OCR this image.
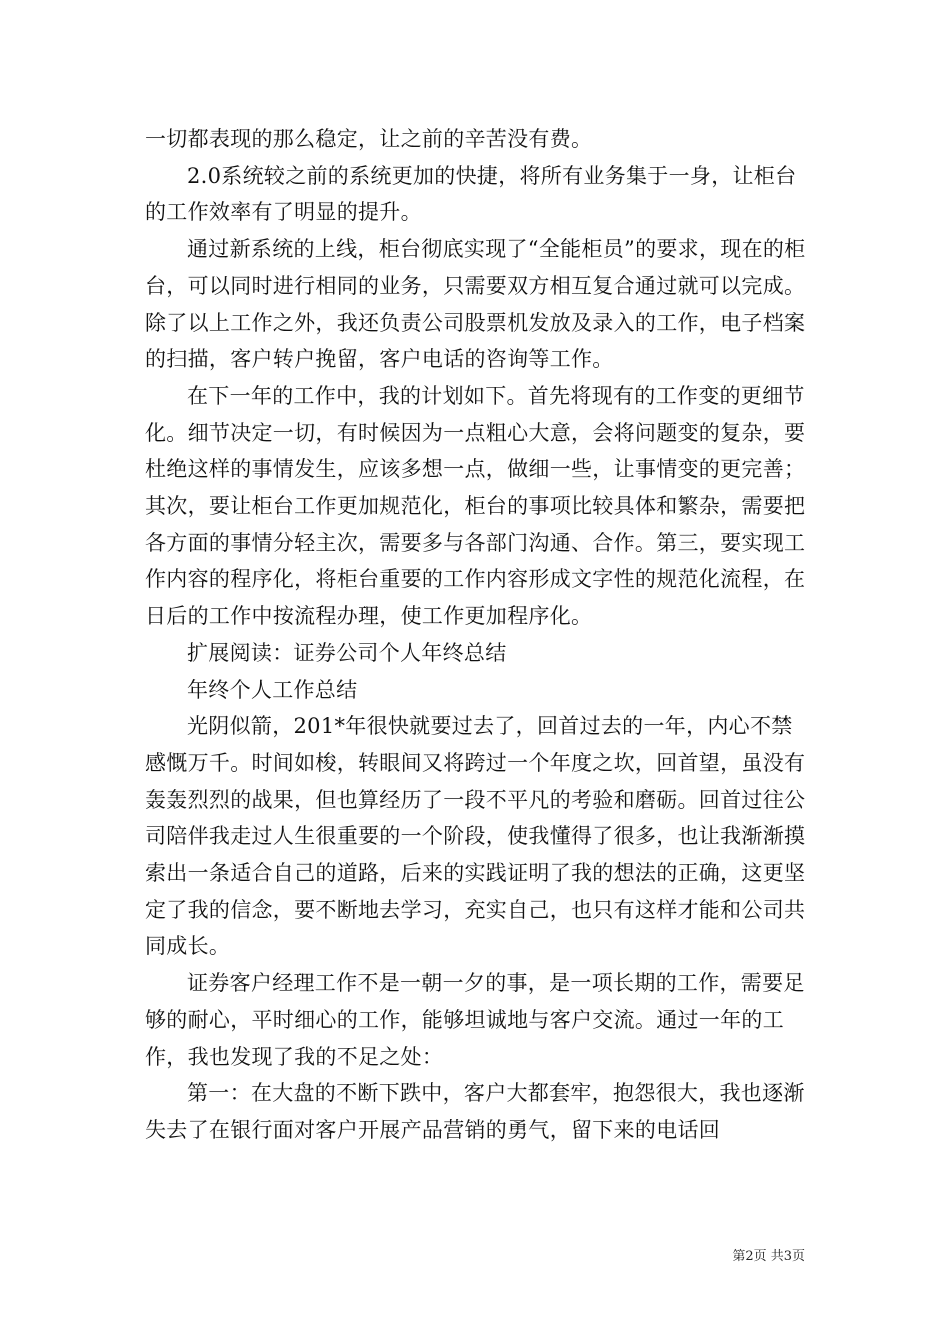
一切都表现的那么稳定，让之前的辛苦没有费。

2.0系统较之前的系统更加的快捷，将所有业务集于一身，让柜台的工作效率有了明显的提升。

通过新系统的上线，柜台彻底实现了“全能柜员”的要求，现在的柜台，可以同时进行相同的业务，只需要双方相互复合通过就可以完成。除了以上工作之外，我还负责公司股票机发放及录入的工作，电子档案的扫描，客户转户挽留，客户电话的咨询等工作。

在下一年的工作中，我的计划如下。首先将现有的工作变的更细节化。细节决定一切，有时候因为一点粗心大意，会将问题变的复杂，要杜绝这样的事情发生，应该多想一点，做细一些，让事情变的更完善；其次，要让柜台工作更加规范化，柜台的事项比较具体和繁杂，需要把各方面的事情分轻主次，需要多与各部门沟通、合作。第三，要实现工作内容的程序化，将柜台重要的工作内容形成文字性的规范化流程，在日后的工作中按流程办理，使工作更加程序化。

扩展阅读：证券公司个人年终总结

年终个人工作总结

光阴似箭，201*年很快就要过去了，回首过去的一年，内心不禁感慨万千。时间如梭，转眼间又将跨过一个年度之坎，回首望，虽没有轰轰烈烈的战果，但也算经历了一段不平凡的考验和磨砺。回首过往公司陪伴我走过人生很重要的一个阶段，使我懂得了很多，也让我渐渐摸索出一条适合自己的道路，后来的实践证明了我的想法的正确，这更坚定了我的信念，要不断地去学习，充实自己，也只有这样才能和公司共同成长。

证券客户经理工作不是一朝一夕的事，是一项长期的工作，需要足够的耐心，平时细心的工作，能够坦诚地与客户交流。通过一年的工作，我也发现了我的不足之处：

第一：在大盘的不断下跌中，客户大都套牢，抱怨很大，我也逐渐失去了在银行面对客户开展产品营销的勇气，留下来的电话回

第2页 共3页
